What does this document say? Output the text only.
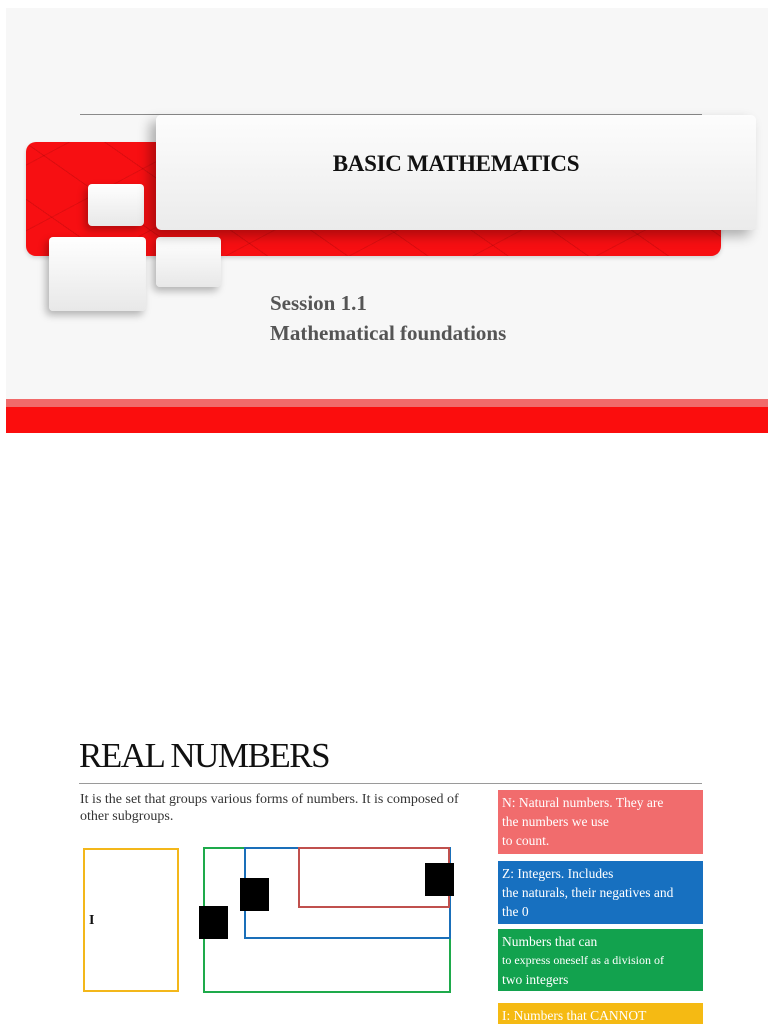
BASIC MATHEMATICS
Session 1.1
Mathematical foundations
REAL NUMBERS
It is the set that groups various forms of numbers. It is composed of other subgroups.
I
N: Natural numbers. They are
the numbers we use
to count.
Z: Integers. Includes
the naturals, their negatives and
the 0
Numbers that can
to express oneself as a division of
two integers
I: Numbers that CANNOT
